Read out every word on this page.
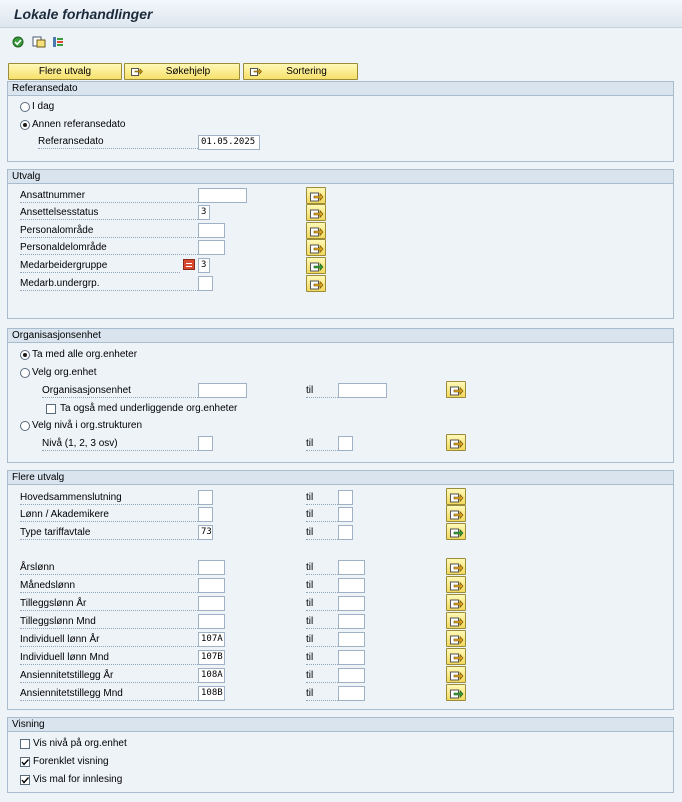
Lokale forhandlinger
Flere utvalg	Søkehjelp	Sortering
Referansedato
I dag
Annen referansedato
Referansedato	01.05.2025
Utvalg
Ansattnummer
Ansettelsesstatus	3
Personalområde
Personaldelområde
Medarbeidergruppe	3
Medarb.undergrp.
Organisasjonsenhet
Ta med alle org.enheter
Velg org.enhet
Organisasjonsenhet	til
Ta også med underliggende org.enheter
Velg nivå i org.strukturen
Nivå (1, 2, 3 osv)	til
Flere utvalg
Hovedsammenslutning	til
Lønn / Akademikere	til
Type tariffavtale	73	til
Årslønn	til
Månedslønn	til
Tilleggslønn År	til
Tilleggslønn Mnd	til
Individuell lønn År	107A	til
Individuell lønn Mnd	107B	til
Ansiennitetstillegg År	108A	til
Ansiennitetstillegg Mnd	108B	til
Visning
Vis nivå på org.enhet
Forenklet visning
Vis mal for innlesing
